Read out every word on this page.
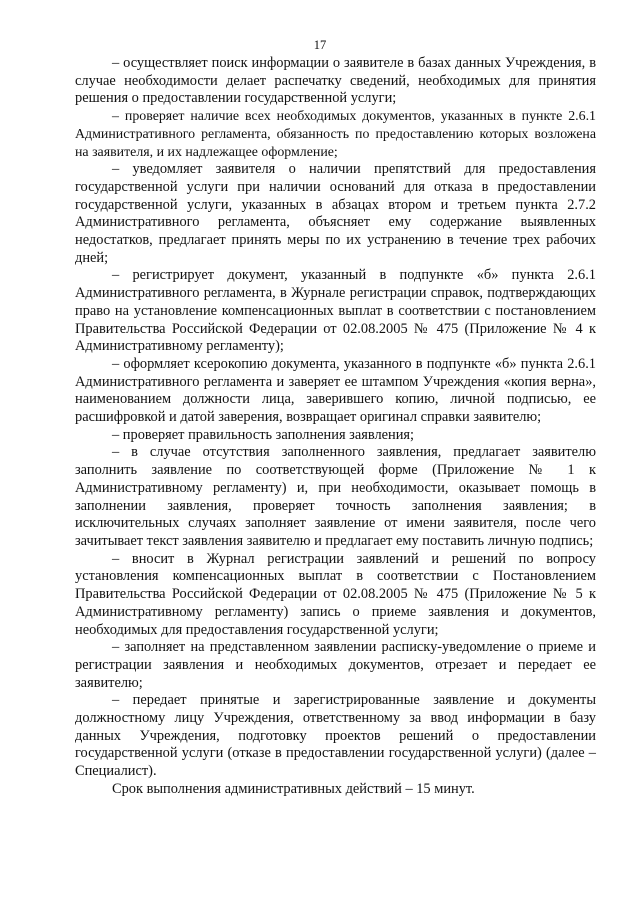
17

– осуществляет поиск информации о заявителе в базах данных Учреждения, в случае необходимости делает распечатку сведений, необходимых для принятия решения о предоставлении государственной услуги;

– проверяет наличие всех необходимых документов, указанных в пункте 2.6.1 Административного регламента, обязанность по предоставлению которых возложена на заявителя, и их надлежащее оформление;

– уведомляет заявителя о наличии препятствий для предоставления государственной услуги при наличии оснований для отказа в предоставлении государственной услуги, указанных в абзацах втором и третьем пункта 2.7.2 Административного регламента, объясняет ему содержание выявленных недостатков, предлагает принять меры по их устранению в течение трех рабочих дней;

– регистрирует документ, указанный в подпункте «б» пункта 2.6.1 Административного регламента, в Журнале регистрации справок, подтверждающих право на установление компенсационных выплат в соответствии с постановлением Правительства Российской Федерации от 02.08.2005 № 475 (Приложение № 4 к Административному регламенту);

– оформляет ксерокопию документа, указанного в подпункте «б» пункта 2.6.1 Административного регламента и заверяет ее штампом Учреждения «копия верна», наименованием должности лица, заверившего копию, личной подписью, ее расшифровкой и датой заверения, возвращает оригинал справки заявителю;

– проверяет правильность заполнения заявления;

– в случае отсутствия заполненного заявления, предлагает заявителю заполнить заявление по соответствующей форме (Приложение № 1 к Административному регламенту) и, при необходимости, оказывает помощь в заполнении заявления, проверяет точность заполнения заявления; в исключительных случаях заполняет заявление от имени заявителя, после чего зачитывает текст заявления заявителю и предлагает ему поставить личную подпись;

– вносит в Журнал регистрации заявлений и решений по вопросу установления компенсационных выплат в соответствии с Постановлением Правительства Российской Федерации от 02.08.2005 № 475 (Приложение № 5 к Административному регламенту) запись о приеме заявления и документов, необходимых для предоставления государственной услуги;

– заполняет на представленном заявлении расписку-уведомление о приеме и регистрации заявления и необходимых документов, отрезает и передает ее заявителю;

– передает принятые и зарегистрированные заявление и документы должностному лицу Учреждения, ответственному за ввод информации в базу данных Учреждения, подготовку проектов решений о предоставлении государственной услуги (отказе в предоставлении государственной услуги) (далее – Специалист).

Срок выполнения административных действий – 15 минут.
